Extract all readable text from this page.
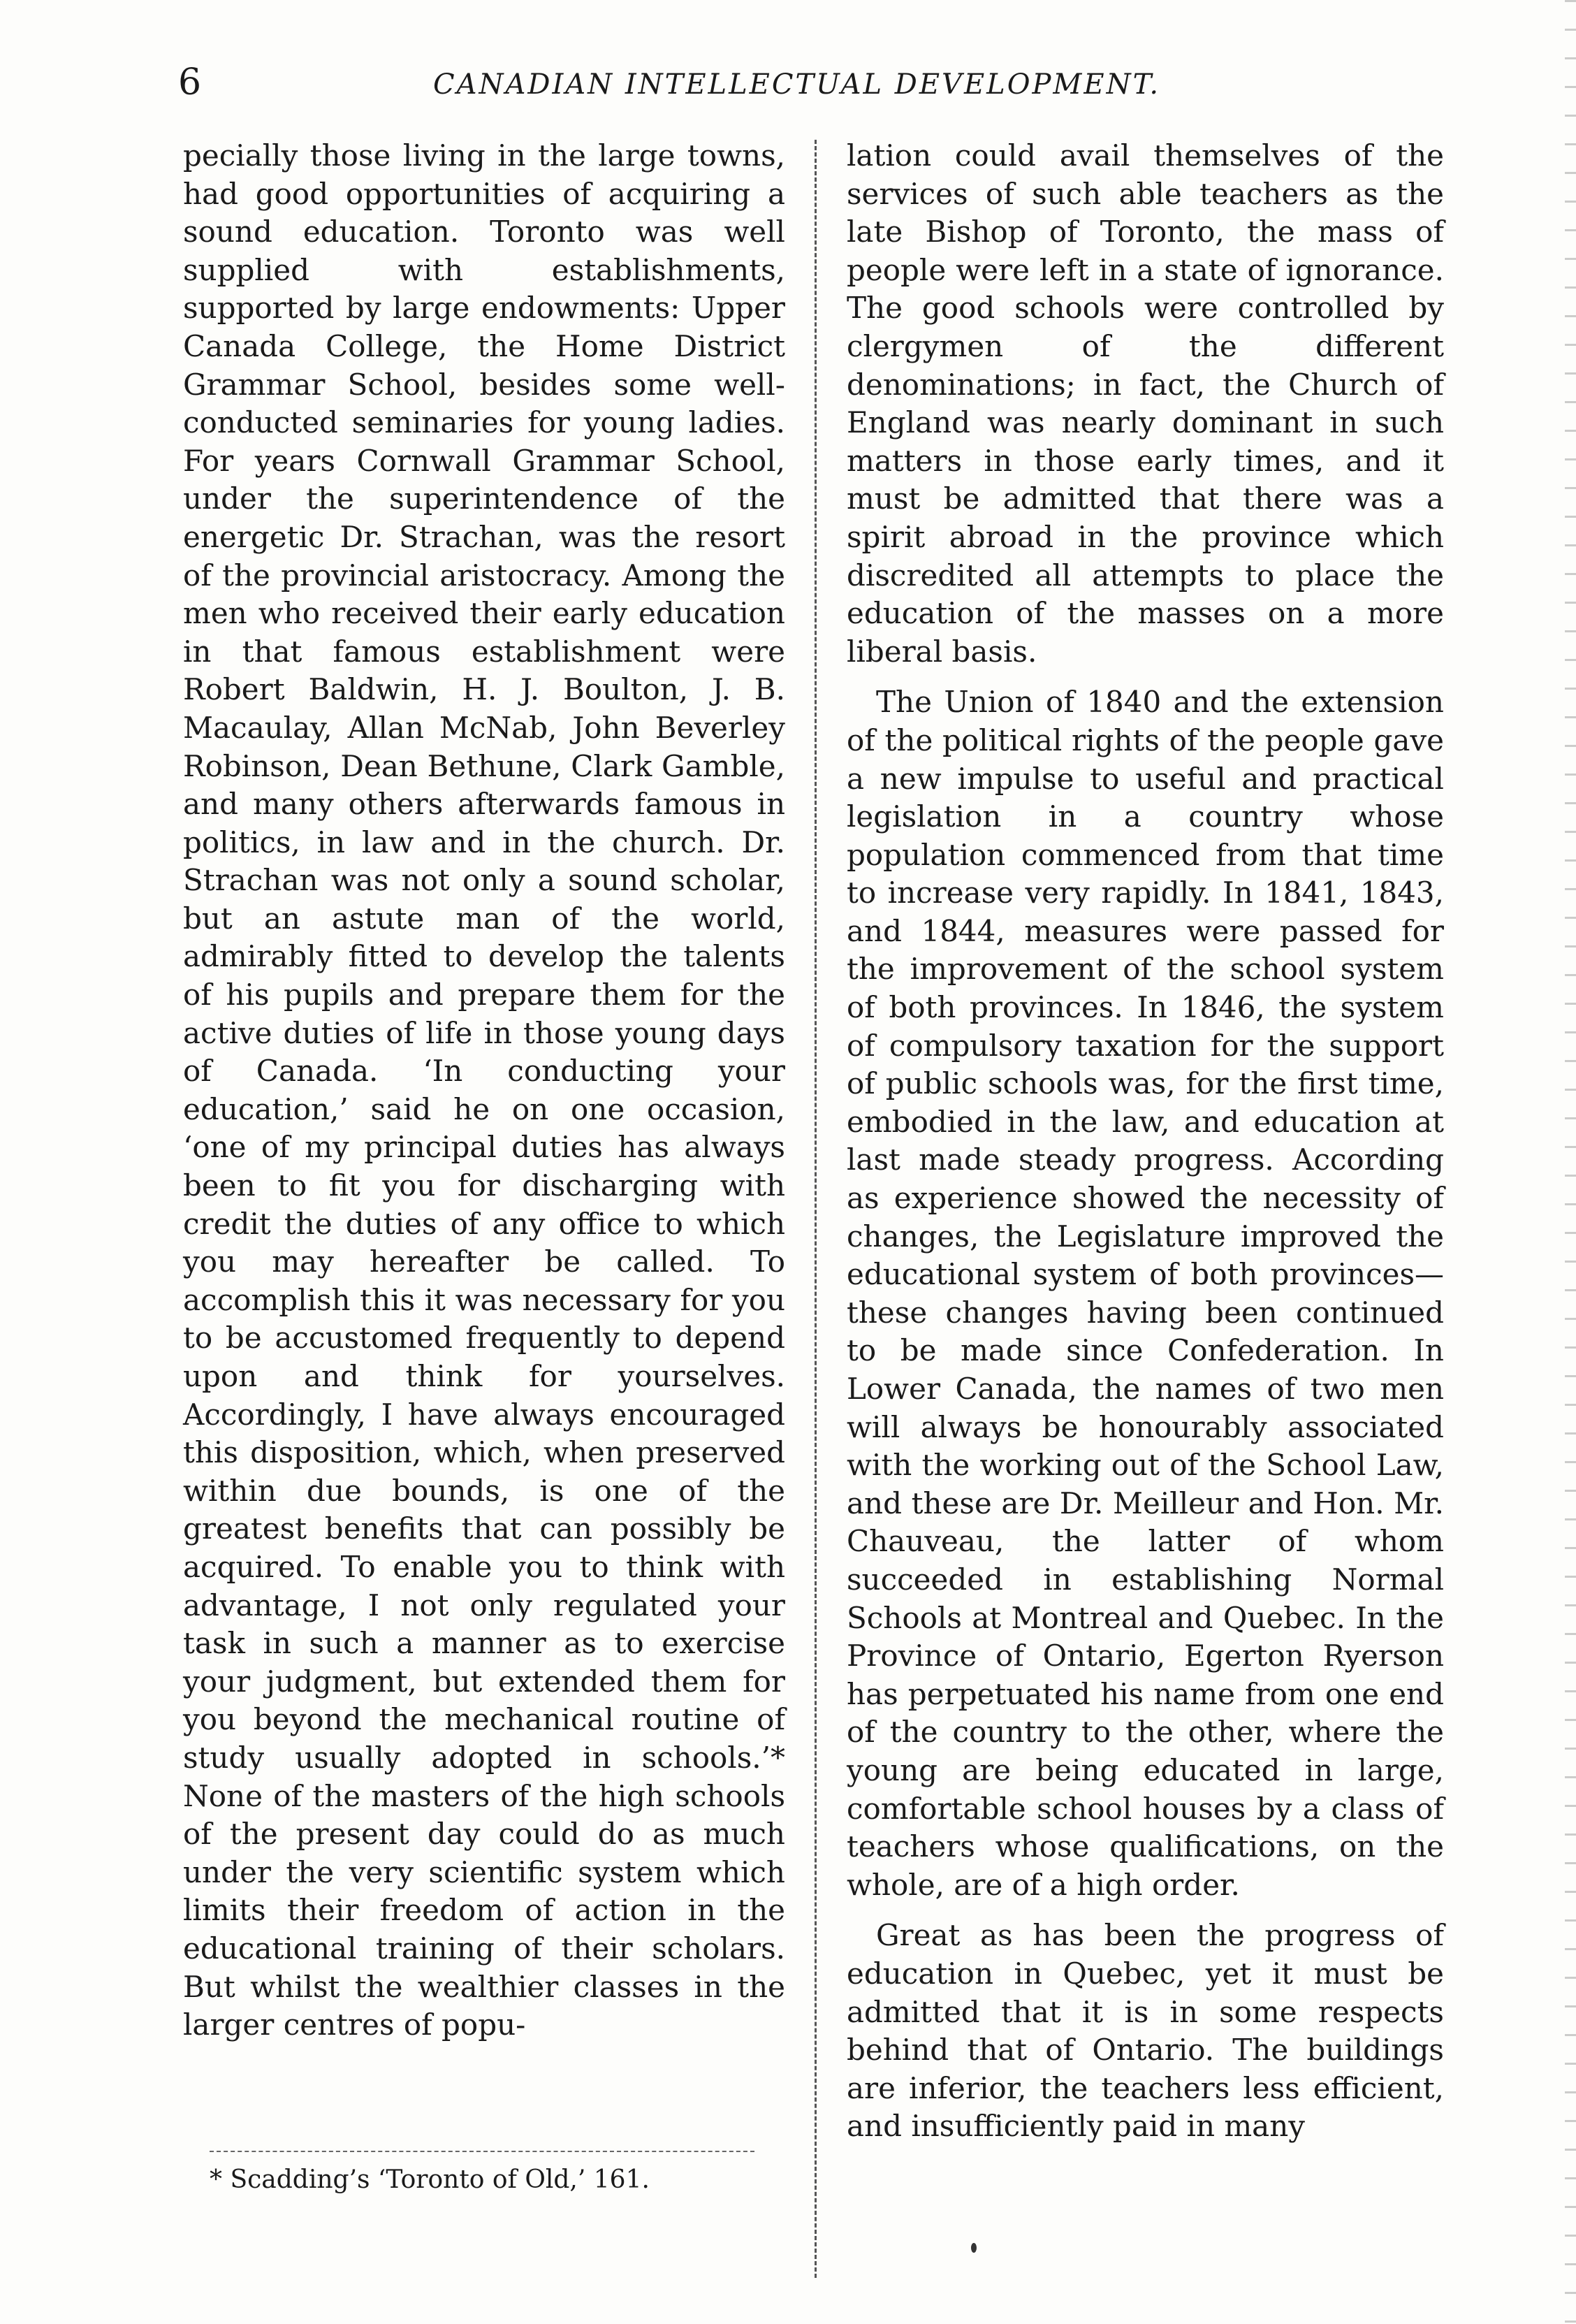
6	CANADIAN INTELLECTUAL DEVELOPMENT.

pecially those living in the large towns, had good opportunities of acquiring a sound education. Toronto was well supplied with establishments, supported by large endowments: Upper Canada College, the Home District Grammar School, besides some well-conducted seminaries for young ladies. For years Cornwall Grammar School, under the superintendence of the energetic Dr. Strachan, was the resort of the provincial aristocracy. Among the men who received their early education in that famous establishment were Robert Baldwin, H. J. Boulton, J. B. Macaulay, Allan McNab, John Beverley Robinson, Dean Bethune, Clark Gamble, and many others afterwards famous in politics, in law and in the church. Dr. Strachan was not only a sound scholar, but an astute man of the world, admirably fitted to develop the talents of his pupils and prepare them for the active duties of life in those young days of Canada. ‘In conducting your education,’ said he on one occasion, ‘one of my principal duties has always been to fit you for discharging with credit the duties of any office to which you may hereafter be called. To accomplish this it was necessary for you to be accustomed frequently to depend upon and think for yourselves. Accordingly, I have always encouraged this disposition, which, when preserved within due bounds, is one of the greatest benefits that can possibly be acquired. To enable you to think with advantage, I not only regulated your task in such a manner as to exercise your judgment, but extended them for you beyond the mechanical routine of study usually adopted in schools.’* None of the masters of the high schools of the present day could do as much under the very scientific system which limits their freedom of action in the educational training of their scholars. But whilst the wealthier classes in the larger centres of popu-

lation could avail themselves of the services of such able teachers as the late Bishop of Toronto, the mass of people were left in a state of ignorance. The good schools were controlled by clergymen of the different denominations; in fact, the Church of England was nearly dominant in such matters in those early times, and it must be admitted that there was a spirit abroad in the province which discredited all attempts to place the education of the masses on a more liberal basis.

The Union of 1840 and the extension of the political rights of the people gave a new impulse to useful and practical legislation in a country whose population commenced from that time to increase very rapidly. In 1841, 1843, and 1844, measures were passed for the improvement of the school system of both provinces. In 1846, the system of compulsory taxation for the support of public schools was, for the first time, embodied in the law, and education at last made steady progress. According as experience showed the necessity of changes, the Legislature improved the educational system of both provinces—these changes having been continued to be made since Confederation. In Lower Canada, the names of two men will always be honourably associated with the working out of the School Law, and these are Dr. Meilleur and Hon. Mr. Chauveau, the latter of whom succeeded in establishing Normal Schools at Montreal and Quebec. In the Province of Ontario, Egerton Ryerson has perpetuated his name from one end of the country to the other, where the young are being educated in large, comfortable school houses by a class of teachers whose qualifications, on the whole, are of a high order.

Great as has been the progress of education in Quebec, yet it must be admitted that it is in some respects behind that of Ontario. The buildings are inferior, the teachers less efficient, and insufficiently paid in many

* Scadding’s ‘Toronto of Old,’ 161.
